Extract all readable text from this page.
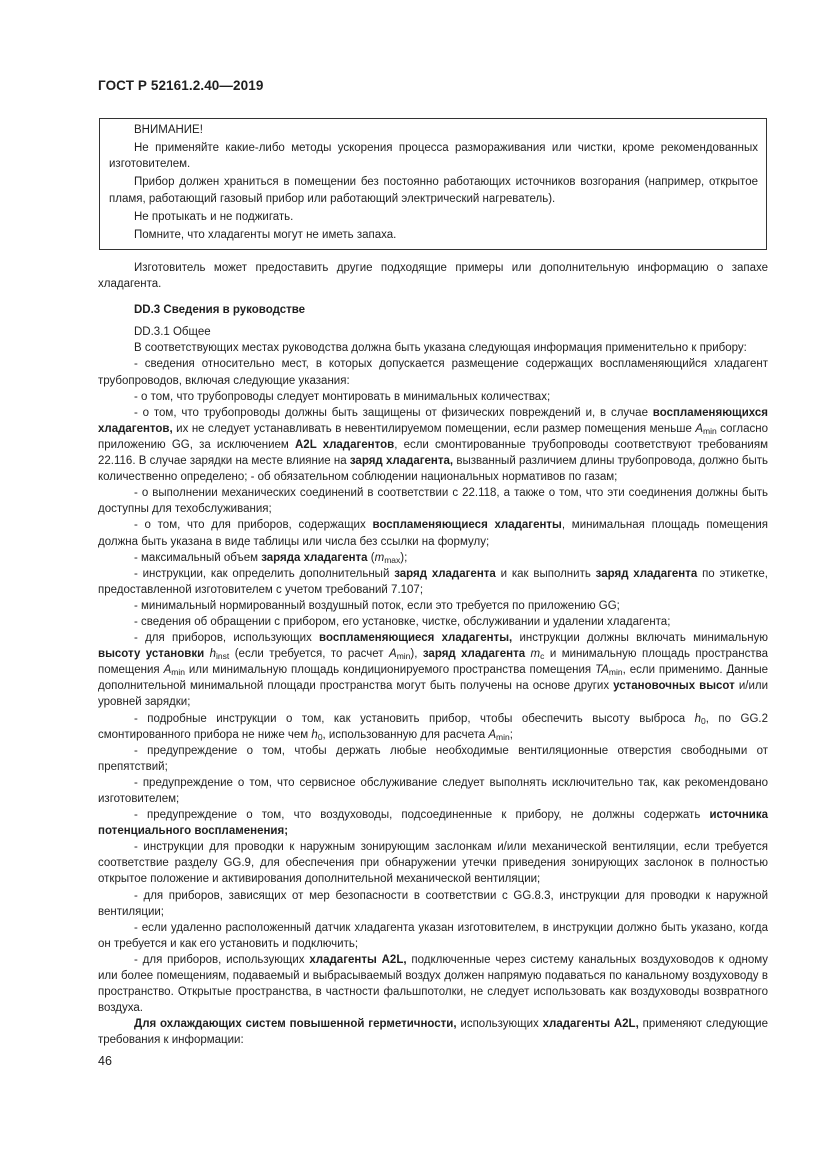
ГОСТ Р 52161.2.40—2019

ВНИМАНИЕ!

Не применяйте какие-либо методы ускорения процесса размораживания или чистки, кроме рекомендованных изготовителем.

Прибор должен храниться в помещении без постоянно работающих источников возгорания (например, открытое пламя, работающий газовый прибор или работающий электрический нагреватель).

Не протыкать и не поджигать.

Помните, что хладагенты могут не иметь запаха.

Изготовитель может предоставить другие подходящие примеры или дополнительную информацию о запахе хладагента.

DD.3 Сведения в руководстве

DD.3.1 Общее

В соответствующих местах руководства должна быть указана следующая информация применительно к прибору:

- сведения относительно мест, в которых допускается размещение содержащих воспламеняющийся хладагент трубопроводов, включая следующие указания:

- о том, что трубопроводы следует монтировать в минимальных количествах;

- о том, что трубопроводы должны быть защищены от физических повреждений и, в случае воспламеняющихся хладагентов, их не следует устанавливать в невентилируемом помещении, если размер помещения меньше $A_{min}$ согласно приложению GG, за исключением A2L хладагентов, если смонтированные трубопроводы соответствуют требованиям 22.116. В случае зарядки на месте влияние на заряд хладагента, вызванный различием длины трубопровода, должно быть количественно определено; - об обязательном соблюдении национальных нормативов по газам;

- о выполнении механических соединений в соответствии с 22.118, а также о том, что эти соединения должны быть доступны для техобслуживания;

- о том, что для приборов, содержащих воспламеняющиеся хладагенты, минимальная площадь помещения должна быть указана в виде таблицы или числа без ссылки на формулу;

- максимальный объем заряда хладагента $(m_{max})$;

- инструкции, как определить дополнительный заряд хладагента и как выполнить заряд хладагента по этикетке, предоставленной изготовителем с учетом требований 7.107;

- минимальный нормированный воздушный поток, если это требуется по приложению GG;

- сведения об обращении с прибором, его установке, чистке, обслуживании и удалении хладагента;

- для приборов, использующих воспламеняющиеся хладагенты, инструкции должны включать минимальную высоту установки $h_{inst}$ (если требуется, то расчет $A_{min}$), заряд хладагента $m_c$ и минимальную площадь пространства помещения $A_{min}$ или минимальную площадь кондиционируемого пространства помещения $TA_{min}$, если применимо. Данные дополнительной минимальной площади пространства могут быть получены на основе других установочных высот и/или уровней зарядки;

- подробные инструкции о том, как установить прибор, чтобы обеспечить высоту выброса $h_0$, по GG.2 смонтированного прибора не ниже чем $h_0$, использованную для расчета $A_{min}$;

- предупреждение о том, чтобы держать любые необходимые вентиляционные отверстия свободными от препятствий;

- предупреждение о том, что сервисное обслуживание следует выполнять исключительно так, как рекомендовано изготовителем;

- предупреждение о том, что воздуховоды, подсоединенные к прибору, не должны содержать источника потенциального воспламенения;

- инструкции для проводки к наружным зонирующим заслонкам и/или механической вентиляции, если требуется соответствие разделу GG.9, для обеспечения при обнаружении утечки приведения зонирующих заслонок в полностью открытое положение и активирования дополнительной механической вентиляции;

- для приборов, зависящих от мер безопасности в соответствии с GG.8.3, инструкции для проводки к наружной вентиляции;

- если удаленно расположенный датчик хладагента указан изготовителем, в инструкции должно быть указано, когда он требуется и как его установить и подключить;

- для приборов, использующих хладагенты A2L, подключенные через систему канальных воздуховодов к одному или более помещениям, подаваемый и выбрасываемый воздух должен напрямую подаваться по канальному воздуховоду в пространство. Открытые пространства, в частности фальшпотолки, не следует использовать как воздуховоды возвратного воздуха.

Для охлаждающих систем повышенной герметичности, использующих хладагенты A2L, применяют следующие требования к информации:

46
